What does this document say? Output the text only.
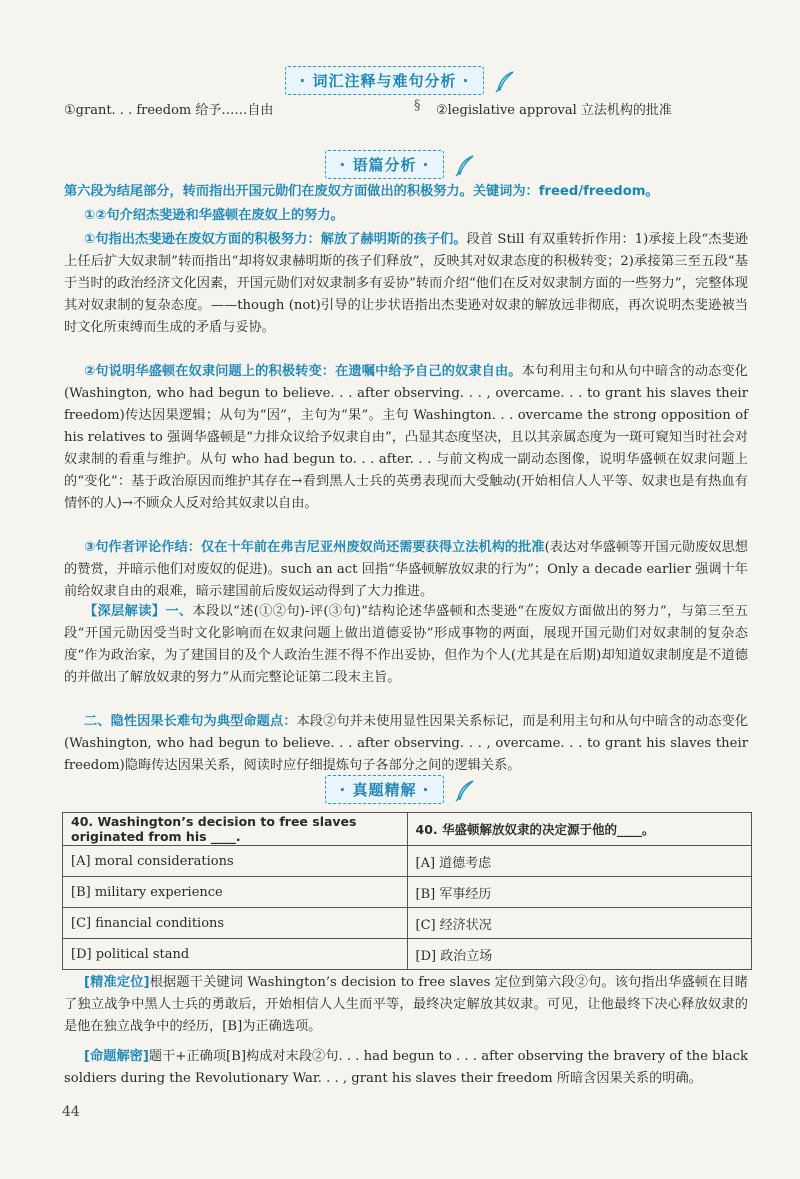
· 词汇注释与难句分析 ·
①grant. . . freedom 给予……自由	§ ②legislative approval 立法机构的批准
· 语篇分析 ·
第六段为结尾部分，转而指出开国元勋们在废奴方面做出的积极努力。关键词为：freed/freedom。
①②句介绍杰斐逊和华盛顿在废奴上的努力。
①句指出杰斐逊在废奴方面的积极努力：解放了赫明斯的孩子们。段首 Still 有双重转折作用：1)承接上段“杰斐逊上任后扩大奴隶制”转而指出“却将奴隶赫明斯的孩子们释放”，反映其对奴隶态度的积极转变；2)承接第三至五段“基于当时的政治经济文化因素，开国元勋们对奴隶制多有妥协”转而介绍“他们在反对奴隶制方面的一些努力”，完整体现其对奴隶制的复杂态度。——though (not)引导的让步状语指出杰斐逊对奴隶的解放远非彻底，再次说明杰斐逊被当时文化所束缚而生成的矛盾与妥协。
②句说明华盛顿在奴隶问题上的积极转变：在遗嘱中给予自己的奴隶自由。本句利用主句和从句中暗含的动态变化(Washington, who had begun to believe. . . after observing. . . , overcame. . . to grant his slaves their freedom)传达因果逻辑；从句为“因”，主句为“果”。主句 Washington. . . overcame the strong opposition of his relatives to 强调华盛顿是“力排众议给予奴隶自由”，凸显其态度坚决，且以其亲属态度为一斑可窥知当时社会对奴隶制的看重与维护。从句 who had begun to. . . after. . . 与前文构成一副动态图像，说明华盛顿在奴隶问题上的“变化”：基于政治原因而维护其存在→看到黑人士兵的英勇表现而大受触动(开始相信人人平等、奴隶也是有热血有情怀的人)→不顾众人反对给其奴隶以自由。
③句作者评论作结：仅在十年前在弗吉尼亚州废奴尚还需要获得立法机构的批准(表达对华盛顿等开国元勋废奴思想的赞赏，并暗示他们对废奴的促进)。such an act 回指“华盛顿解放奴隶的行为”；Only a decade earlier 强调十年前给奴隶自由的艰难，暗示建国前后废奴运动得到了大力推进。
【深层解读】一、本段以“述(①②句)-评(③句)”结构论述华盛顿和杰斐逊“在废奴方面做出的努力”，与第三至五段“开国元勋因受当时文化影响而在奴隶问题上做出道德妥协”形成事物的两面，展现开国元勋们对奴隶制的复杂态度“作为政治家，为了建国目的及个人政治生涯不得不作出妥协，但作为个人(尤其是在后期)却知道奴隶制度是不道德的并做出了解放奴隶的努力”从而完整论证第二段末主旨。
二、隐性因果长难句为典型命题点：本段②句并未使用显性因果关系标记，而是利用主句和从句中暗含的动态变化(Washington, who had begun to believe. . . after observing. . . , overcame. . . to grant his slaves their freedom)隐晦传达因果关系，阅读时应仔细提炼句子各部分之间的逻辑关系。
· 真题精解 ·
40. Washington’s decision to free slaves originated from his ____.	40. 华盛顿解放奴隶的决定源于他的____。
[A] moral considerations	[A] 道德考虑
[B] military experience	[B] 军事经历
[C] financial conditions	[C] 经济状况
[D] political stand	[D] 政治立场
[精准定位]根据题干关键词 Washington’s decision to free slaves 定位到第六段②句。该句指出华盛顿在目睹了独立战争中黑人士兵的勇敢后，开始相信人人生而平等，最终决定解放其奴隶。可见，让他最终下决心释放奴隶的是他在独立战争中的经历，[B]为正确选项。
[命题解密]题干+正确项[B]构成对末段②句. . . had begun to . . . after observing the bravery of the black soldiers during the Revolutionary War. . . , grant his slaves their freedom 所暗含因果关系的明确。
44
